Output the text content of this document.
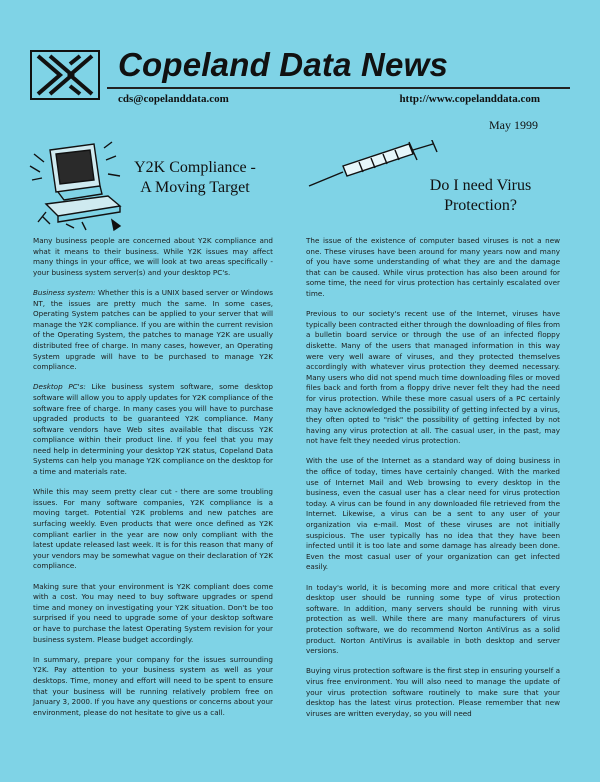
Copeland Data News
cds@copelanddata.com	http://www.copelanddata.com
May 1999
Y2K Compliance -
A Moving Target	Do I need Virus
Protection?

Many business people are concerned about Y2K compliance and what it means to their business. While Y2K issues may affect many things in your office, we will look at two areas specifically - your business system server(s) and your desktop PC's.

Business system: Whether this is a UNIX based server or Windows NT, the issues are pretty much the same. In some cases, Operating System patches can be applied to your server that will manage the Y2K compliance. If you are within the current revision of the Operating System, the patches to manage Y2K are usually distributed free of charge. In many cases, however, an Operating System upgrade will have to be purchased to manage Y2K compliance.

Desktop PC's: Like business system software, some desktop software will allow you to apply updates for Y2K compliance of the software free of charge. In many cases you will have to purchase upgraded products to be guaranteed Y2K compliance. Many software vendors have Web sites available that discuss Y2K compliance within their product line. If you feel that you may need help in determining your desktop Y2K status, Copeland Data Systems can help you manage Y2K compliance on the desktop for a time and materials rate.

While this may seem pretty clear cut - there are some troubling issues. For many software companies, Y2K compliance is a moving target. Potential Y2K problems and new patches are surfacing weekly. Even products that were once defined as Y2K compliant earlier in the year are now only compliant with the latest update released last week. It is for this reason that many of your vendors may be somewhat vague on their declaration of Y2K compliance.

Making sure that your environment is Y2K compliant does come with a cost. You may need to buy software upgrades or spend time and money on investigating your Y2K situation. Don't be too surprised if you need to upgrade some of your desktop software or have to purchase the latest Operating System revision for your business system. Please budget accordingly.

In summary, prepare your company for the issues surrounding Y2K. Pay attention to your business system as well as your desktops. Time, money and effort will need to be spent to ensure that your business will be running relatively problem free on January 3, 2000. If you have any questions or concerns about your environment, please do not hesitate to give us a call.

The issue of the existence of computer based viruses is not a new one. These viruses have been around for many years now and many of you have some understanding of what they are and the damage that can be caused. While virus protection has also been around for some time, the need for virus protection has certainly escalated over time.

Previous to our society's recent use of the Internet, viruses have typically been contracted either through the downloading of files from a bulletin board service or through the use of an infected floppy diskette. Many of the users that managed information in this way were very well aware of viruses, and they protected themselves accordingly with whatever virus protection they deemed necessary. Many users who did not spend much time downloading files or moved files back and forth from a floppy drive never felt they had the need for virus protection. While these more casual users of a PC certainly may have acknowledged the possibility of getting infected by a virus, they often opted to "risk" the possibility of getting infected by not having any virus protection at all. The casual user, in the past, may not have felt they needed virus protection.

With the use of the Internet as a standard way of doing business in the office of today, times have certainly changed. With the marked use of Internet Mail and Web browsing to every desktop in the business, even the casual user has a clear need for virus protection today. A virus can be found in any downloaded file retrieved from the Internet. Likewise, a virus can be a sent to any user of your organization via e-mail. Most of these viruses are not initially suspicious. The user typically has no idea that they have been infected until it is too late and some damage has already been done. Even the most casual user of your organization can get infected easily.

In today's world, it is becoming more and more critical that every desktop user should be running some type of virus protection software. In addition, many servers should be running with virus protection as well. While there are many manufacturers of virus protection software, we do recommend Norton AntiVirus as a solid product. Norton AntiVirus is available in both desktop and server versions.

Buying virus protection software is the first step in ensuring yourself a virus free environment. You will also need to manage the update of your virus protection software routinely to make sure that your desktop has the latest virus protection. Please remember that new viruses are written everyday, so you will need
